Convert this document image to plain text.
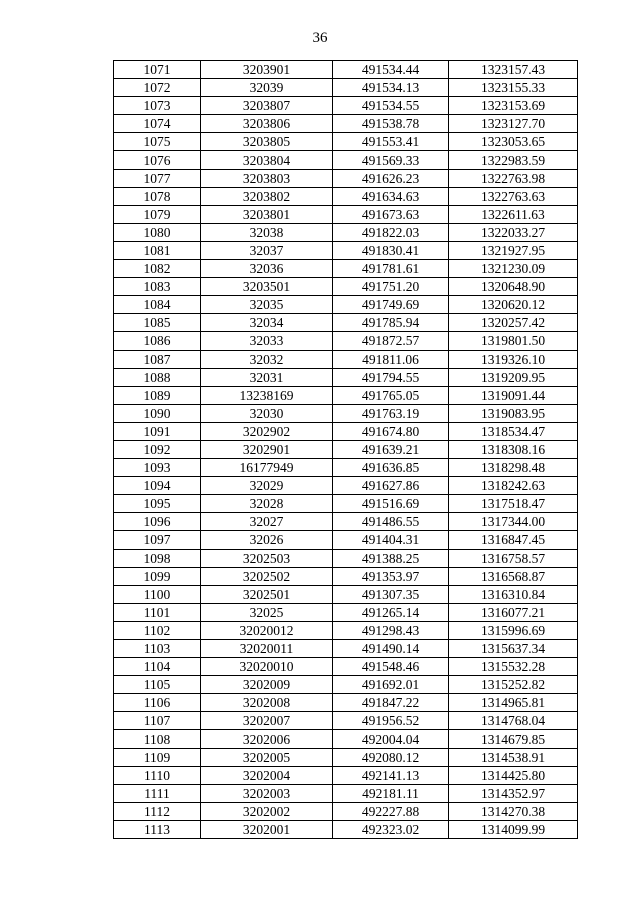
36
1071	3203901	491534.44	1323157.43
1072	32039	491534.13	1323155.33
1073	3203807	491534.55	1323153.69
1074	3203806	491538.78	1323127.70
1075	3203805	491553.41	1323053.65
1076	3203804	491569.33	1322983.59
1077	3203803	491626.23	1322763.98
1078	3203802	491634.63	1322763.63
1079	3203801	491673.63	1322611.63
1080	32038	491822.03	1322033.27
1081	32037	491830.41	1321927.95
1082	32036	491781.61	1321230.09
1083	3203501	491751.20	1320648.90
1084	32035	491749.69	1320620.12
1085	32034	491785.94	1320257.42
1086	32033	491872.57	1319801.50
1087	32032	491811.06	1319326.10
1088	32031	491794.55	1319209.95
1089	13238169	491765.05	1319091.44
1090	32030	491763.19	1319083.95
1091	3202902	491674.80	1318534.47
1092	3202901	491639.21	1318308.16
1093	16177949	491636.85	1318298.48
1094	32029	491627.86	1318242.63
1095	32028	491516.69	1317518.47
1096	32027	491486.55	1317344.00
1097	32026	491404.31	1316847.45
1098	3202503	491388.25	1316758.57
1099	3202502	491353.97	1316568.87
1100	3202501	491307.35	1316310.84
1101	32025	491265.14	1316077.21
1102	32020012	491298.43	1315996.69
1103	32020011	491490.14	1315637.34
1104	32020010	491548.46	1315532.28
1105	3202009	491692.01	1315252.82
1106	3202008	491847.22	1314965.81
1107	3202007	491956.52	1314768.04
1108	3202006	492004.04	1314679.85
1109	3202005	492080.12	1314538.91
1110	3202004	492141.13	1314425.80
1111	3202003	492181.11	1314352.97
1112	3202002	492227.88	1314270.38
1113	3202001	492323.02	1314099.99
